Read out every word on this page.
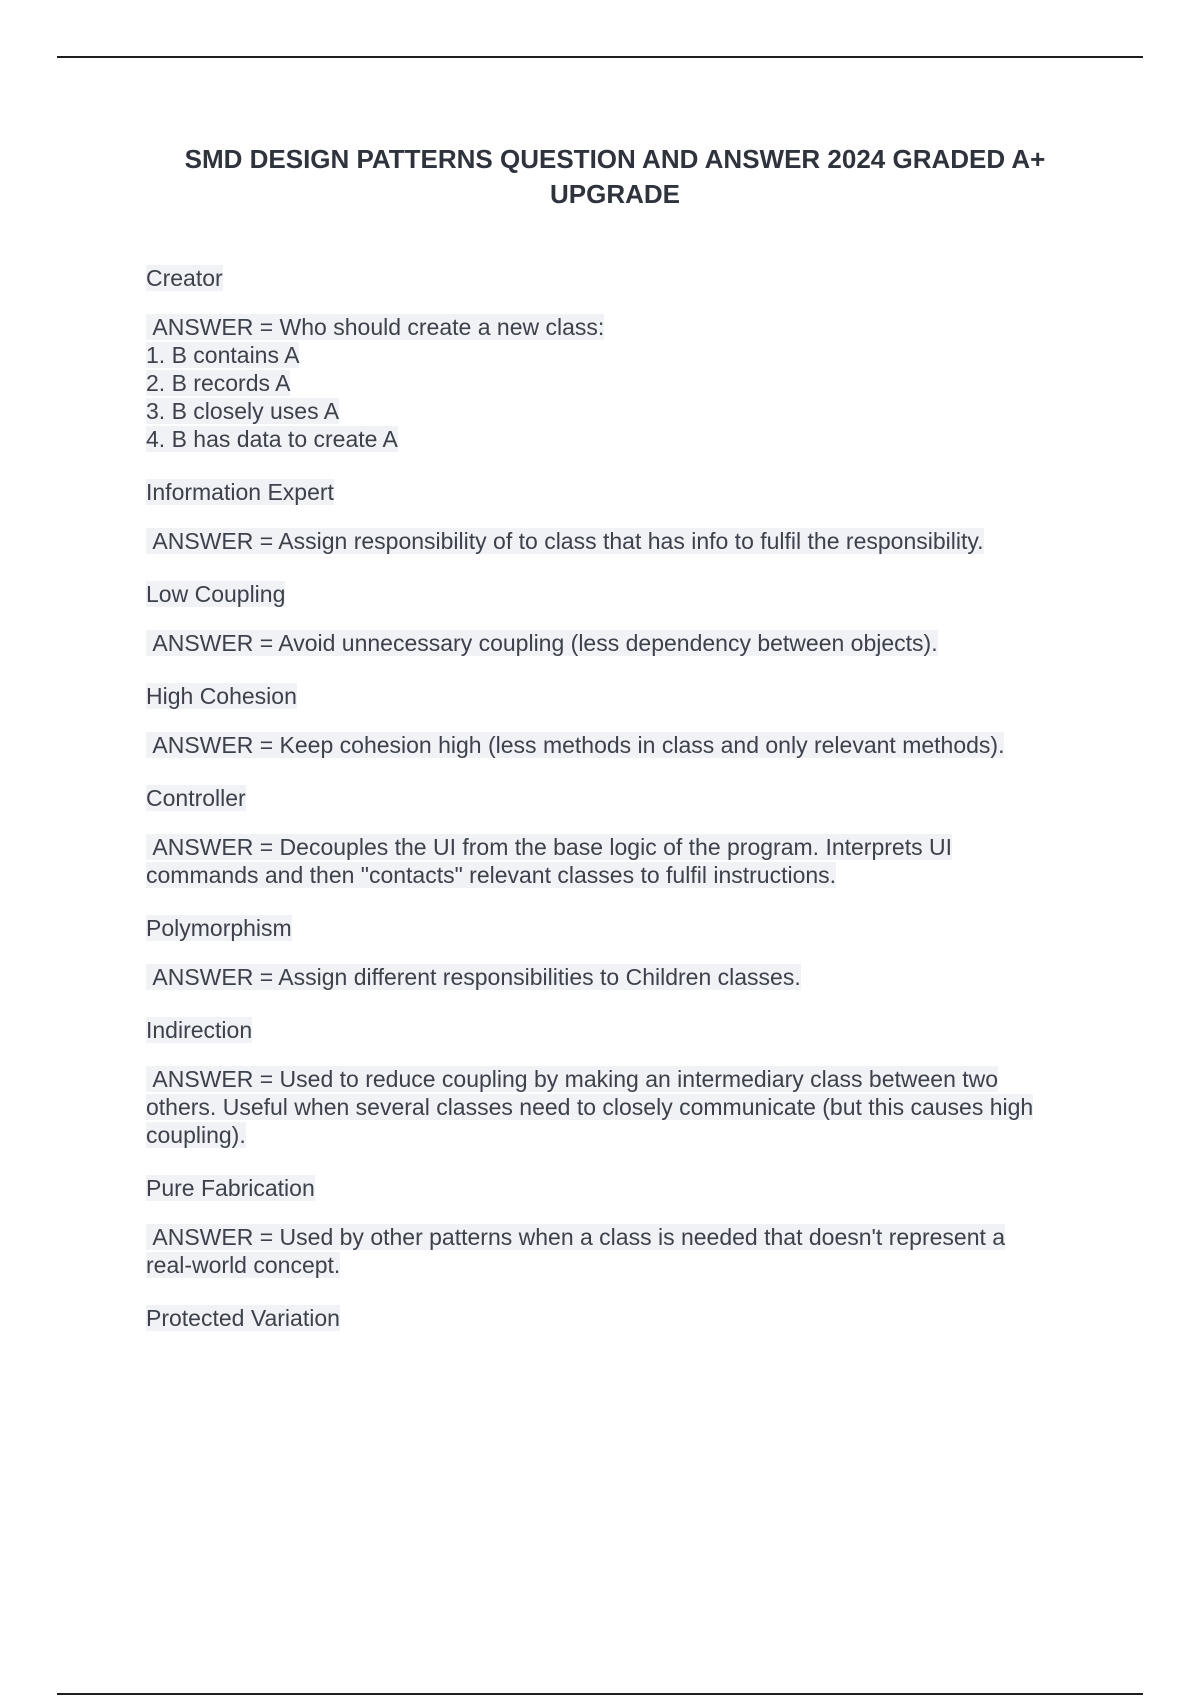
SMD DESIGN PATTERNS QUESTION AND ANSWER 2024 GRADED A+
UPGRADE
Creator
ANSWER = Who should create a new class:
1. B contains A
2. B records A
3. B closely uses A
4. B has data to create A
Information Expert
ANSWER = Assign responsibility of to class that has info to fulfil the responsibility.
Low Coupling
ANSWER = Avoid unnecessary coupling (less dependency between objects).
High Cohesion
ANSWER = Keep cohesion high (less methods in class and only relevant methods).
Controller
ANSWER = Decouples the UI from the base logic of the program. Interprets UI
commands and then "contacts" relevant classes to fulfil instructions.
Polymorphism
ANSWER = Assign different responsibilities to Children classes.
Indirection
ANSWER = Used to reduce coupling by making an intermediary class between two
others. Useful when several classes need to closely communicate (but this causes high
coupling).
Pure Fabrication
ANSWER = Used by other patterns when a class is needed that doesn't represent a
real-world concept.
Protected Variation
